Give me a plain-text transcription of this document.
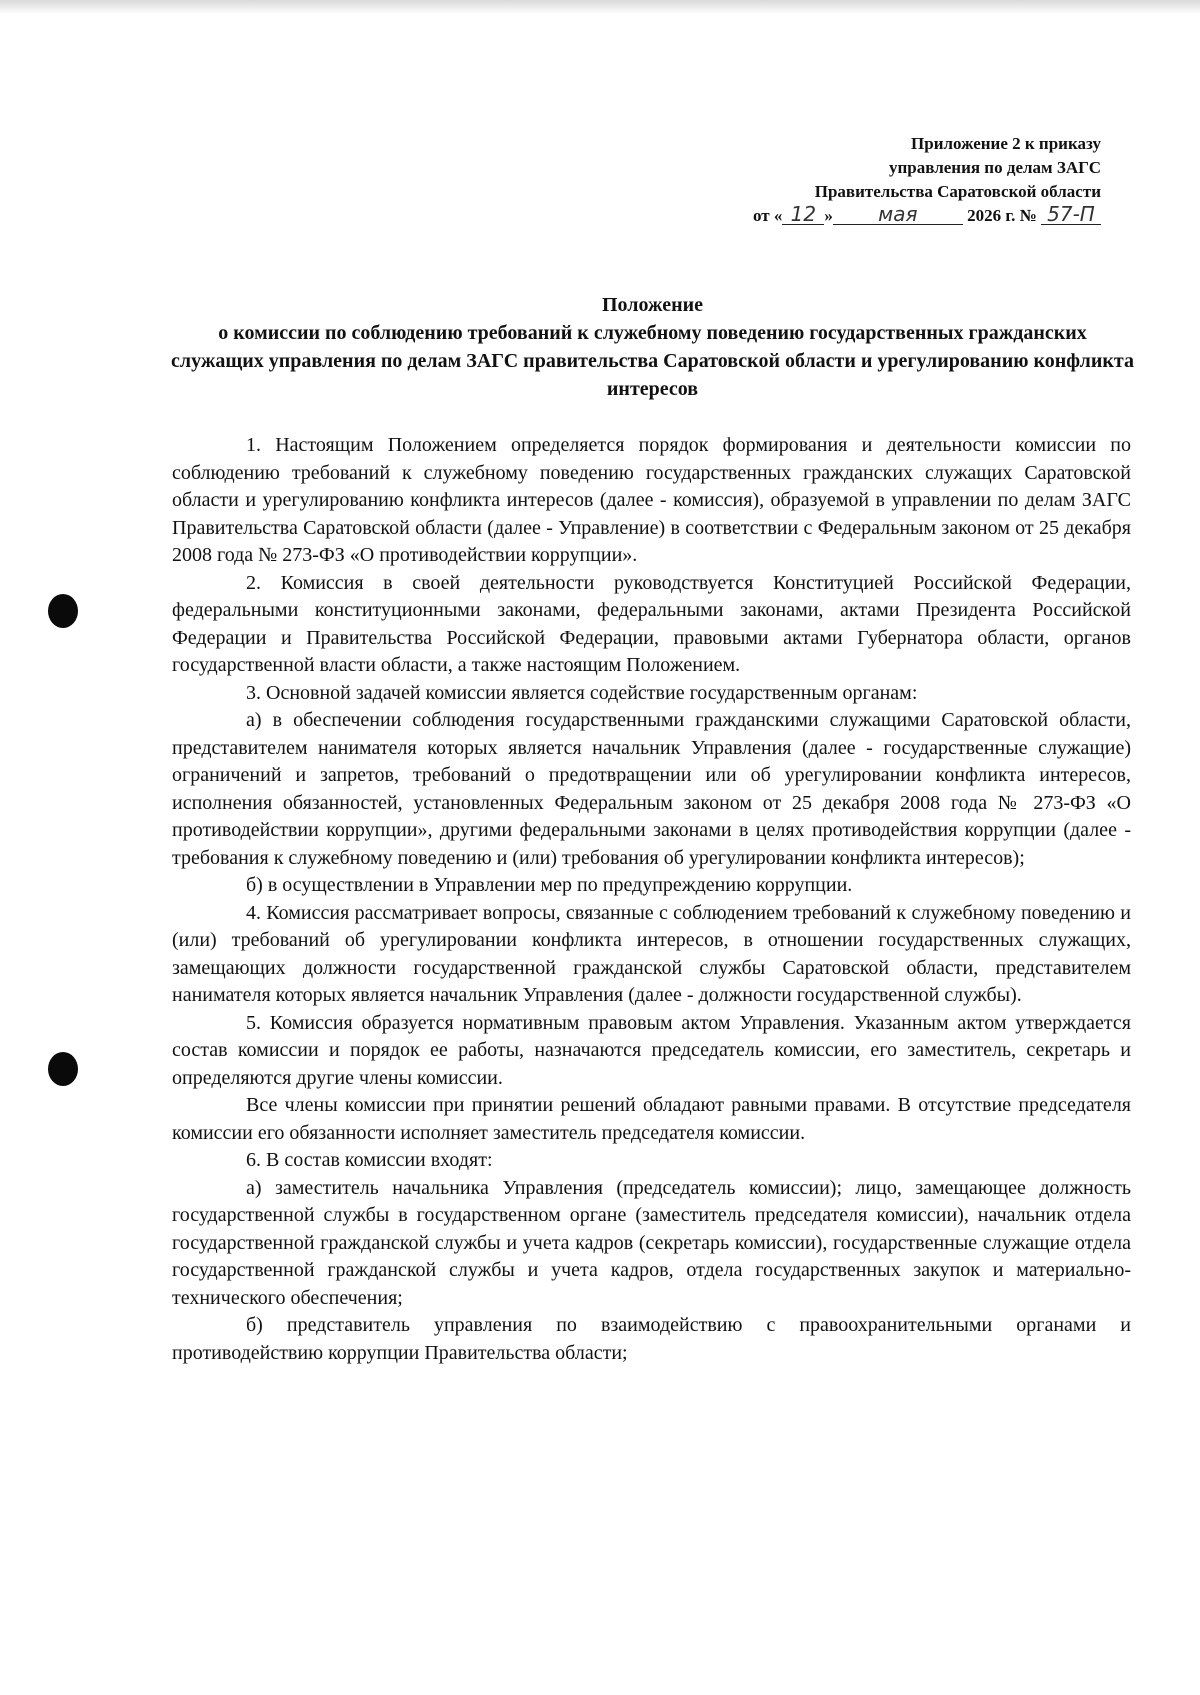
Приложение 2 к приказу
управления по делам ЗАГС
Правительства Саратовской области
от « 12 » мая	2026 г. № 57-П
Положение
о комиссии по соблюдению требований к служебному поведению государственных гражданских служащих управления по делам ЗАГС правительства Саратовской области и урегулированию конфликта интересов

1. Настоящим Положением определяется порядок формирования и деятельности комиссии по соблюдению требований к служебному поведению государственных гражданских служащих Саратовской области и урегулированию конфликта интересов (далее - комиссия), образуемой в управлении по делам ЗАГС Правительства Саратовской области (далее - Управление) в соответствии с Федеральным законом от 25 декабря 2008 года № 273-ФЗ «О противодействии коррупции».

2. Комиссия в своей деятельности руководствуется Конституцией Российской Федерации, федеральными конституционными законами, федеральными законами, актами Президента Российской Федерации и Правительства Российской Федерации, правовыми актами Губернатора области, органов государственной власти области, а также настоящим Положением.

3. Основной задачей комиссии является содействие государственным органам:

а) в обеспечении соблюдения государственными гражданскими служащими Саратовской области, представителем нанимателя которых является начальник Управления (далее - государственные служащие) ограничений и запретов, требований о предотвращении или об урегулировании конфликта интересов, исполнения обязанностей, установленных Федеральным законом от 25 декабря 2008 года № 273-ФЗ «О противодействии коррупции», другими федеральными законами в целях противодействия коррупции (далее - требования к служебному поведению и (или) требования об урегулировании конфликта интересов);

б) в осуществлении в Управлении мер по предупреждению коррупции.

4. Комиссия рассматривает вопросы, связанные с соблюдением требований к служебному поведению и (или) требований об урегулировании конфликта интересов, в отношении государственных служащих, замещающих должности государственной гражданской службы Саратовской области, представителем нанимателя которых является начальник Управления (далее - должности государственной службы).

5. Комиссия образуется нормативным правовым актом Управления. Указанным актом утверждается состав комиссии и порядок ее работы, назначаются председатель комиссии, его заместитель, секретарь и определяются другие члены комиссии.

Все члены комиссии при принятии решений обладают равными правами. В отсутствие председателя комиссии его обязанности исполняет заместитель председателя комиссии.

6. В состав комиссии входят:

а) заместитель начальника Управления (председатель комиссии); лицо, замещающее должность государственной службы в государственном органе (заместитель председателя комиссии), начальник отдела государственной гражданской службы и учета кадров (секретарь комиссии), государственные служащие отдела государственной гражданской службы и учета кадров, отдела государственных закупок и материально-технического обеспечения;

б) представитель управления по взаимодействию с правоохранительными органами и противодействию коррупции Правительства области;
